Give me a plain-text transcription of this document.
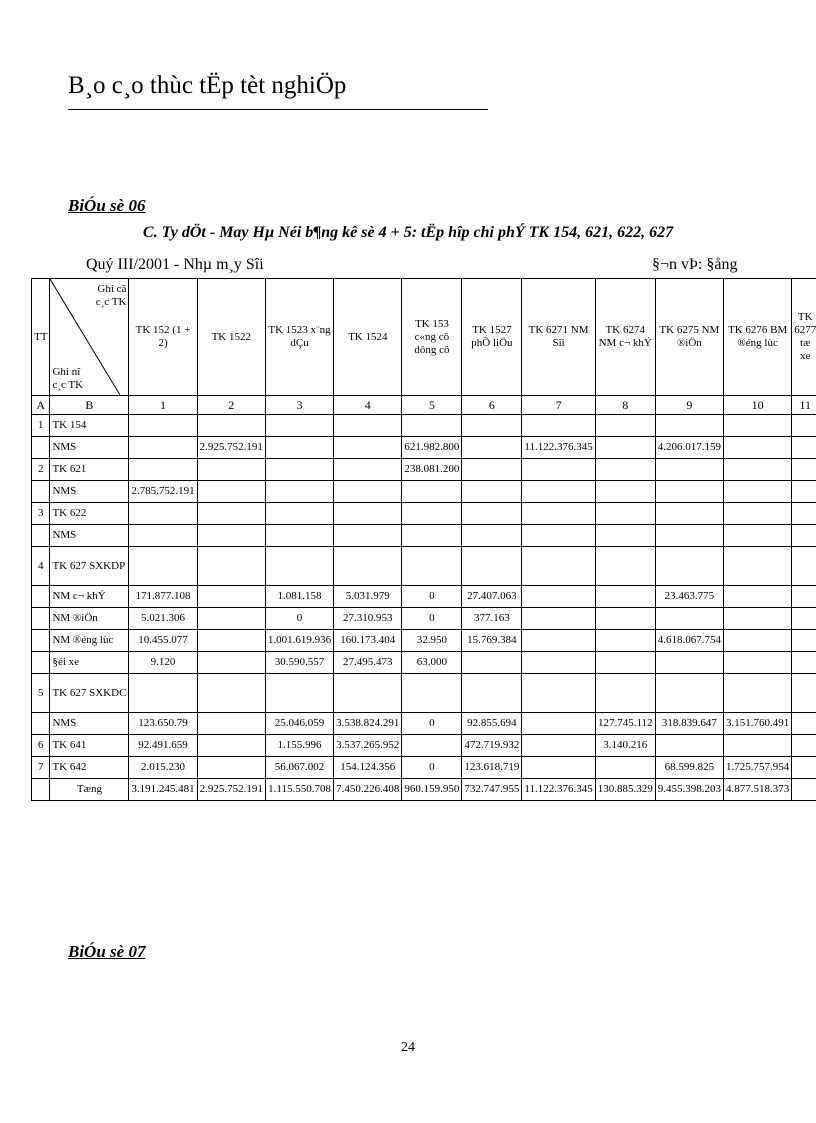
B¸o c¸o thùc tËp tèt nghiÖp
BiÓu sè 06
C. Ty dÖt - May Hµ Néi b¶ng kê sè 4 + 5: tËp hîp chi phÝ TK 154, 621, 622, 627
Quý III/2001 - Nhµ m¸y Sîi	§¬n vÞ: §ång
TT	Ghi cã c¸c TK
Ghi nî c¸c TK	TK 152 (1 + 2)	TK 1522	TK 1523 x¨ng dÇu	TK 1524	TK 153 c«ng cô dông cô	TK 1527 phÕ liÖu	TK 6271 NM Sîi	TK 6274 NM c¬ khÝ	TK 6275 NM ®iÖn	TK 6276 BM ®éng lùc	TK 6277 tæ xe
A	B	1	2	3	4	5	6	7	8	9	10	11
1	TK 154											
	NMS		2.925.752.191			621.982.800		11.122.376.345		4.206.017.159		
2	TK 621					238.081.200						
	NMS	2.785.752.191										
3	TK 622											
	NMS											
4	TK 627 SXKDP											
	NM c¬ khÝ	171.877.108		1.081.158	5.031.979	0	27.407.063			23.463.775		
	NM ®iÖn	5.021.306		0	27.310.953	0	377.163					
	NM ®éng lùc	10.455.077		1.001.619.936	160.173.404	32.950	15.769.384			4.618.067.754		
	§éi xe	9.120		30.590.557	27.495.473	63.000						
5	TK 627 SXKDC											
	NMS	123.650.79		25.046.059	3.538.824.291	0	92.855.694		127.745.112	318.839.647	3.151.760.491	
6	TK 641	92.491.659		1.155.996	3.537.265.952		472.719.932		3.140.216			
7	TK 642	2.015.230		56.067.002	154.124.356	0	123.618.719			68.599.825	1.725.757.954	
	Tæng	3.191.245.481	2.925.752.191	1.115.550.708	7.450.226.408	960.159.950	732.747.955	11.122.376.345	130.885.329	9.455.398.203	4.877.518.373	
BiÓu sè 07
24
